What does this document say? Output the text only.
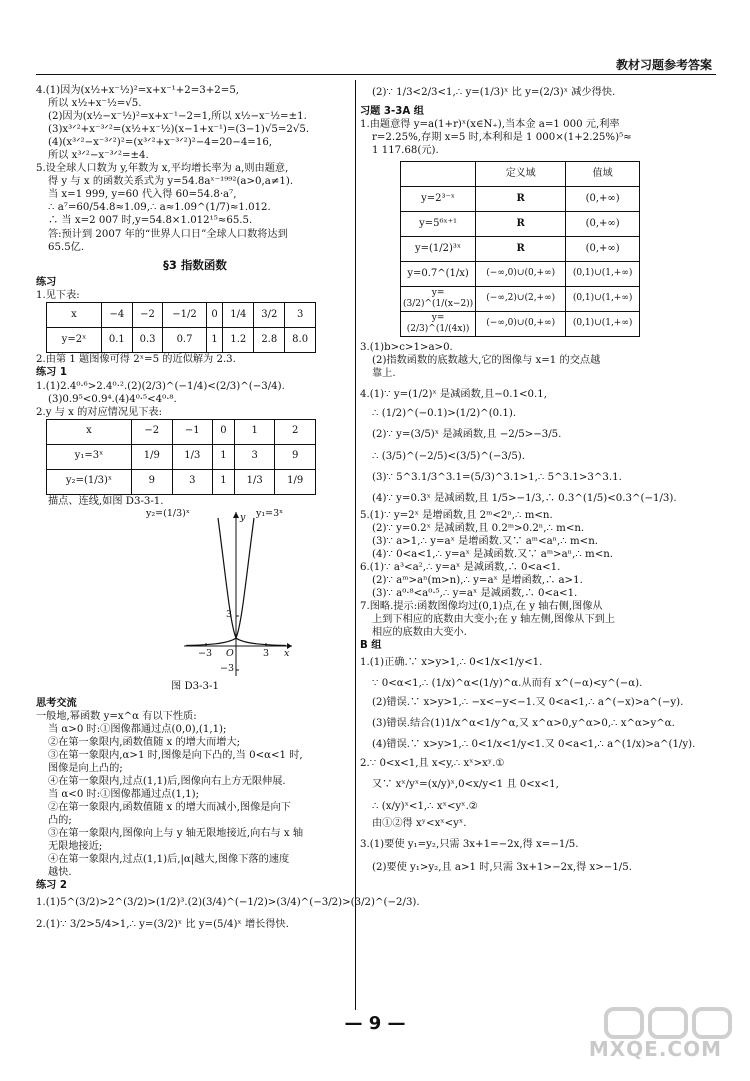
教材习题参考答案
4.(1)因为(x½+x⁻½)²=x+x⁻¹+2=3+2=5,
所以 x½+x⁻½=√5.
(2)因为(x½−x⁻½)²=x+x⁻¹−2=1,所以 x½−x⁻½=±1.
(3)x³ᐟ²+x⁻³ᐟ²=(x½+x⁻½)(x−1+x⁻¹)=(3−1)√5=2√5.
(4)(x³ᐟ²−x⁻³ᐟ²)²=(x³ᐟ²+x⁻³ᐟ²)²−4=20−4=16,
所以 x³ᐟ²−x⁻³ᐟ²=±4.
5.设全球人口数为 y,年数为 x,平均增长率为 a,则由题意,
得 y 与 x 的函数关系式为 y=54.8aˣ⁻¹⁹⁹²(a>0,a≠1).
当 x=1 999, y=60 代入得 60=54.8·a⁷,
∴ a⁷=60/54.8≈1.09,∴ a≈1.09^(1/7)≈1.012.
∴ 当 x=2 007 时,y=54.8×1.012¹⁵≈65.5.
答:预计到 2007 年的“世界人口日”全球人口数将达到
65.5亿.
§3 指数函数
练习
1.见下表:
x	−4	−2	−1/2	0	1/4	3/2	3
y=2ˣ	0.1	0.3	0.7	1	1.2	2.8	8.0
2.由第 1 题图像可得 2ˣ=5 的近似解为 2.3.
练习 1
1.(1)2.4⁰·⁶>2.4⁰·².(2)(2/3)^(−1/4)<(2/3)^(−3/4).
(3)0.9⁵<0.9⁴.(4)4⁰·⁵<4⁰·⁸.
2.y 与 x 的对应情况见下表:
x	−2	−1	0	1	2
y₁=3ˣ	1/9	1/3	1	3	9
y₂=(1/3)ˣ	9	3	1	1/3	1/9
描点、连线,如图 D3-3-1.
y₂=(1/3)ˣ	y₁=3ˣ
y
x
−3 O	3
3
−3
图 D3-3-1
思考交流
一般地,幂函数 y=x^α 有以下性质:
当 α>0 时:①图像都通过点(0,0),(1,1);
②在第一象限内,函数值随 x 的增大而增大;
③在第一象限内,α>1 时,图像是向下凸的,当 0<α<1 时,
图像是向上凸的;
④在第一象限内,过点(1,1)后,图像向右上方无限伸展.
当 α<0 时:①图像都通过点(1,1);
②在第一象限内,函数值随 x 的增大而减小,图像是向下
凸的;
③在第一象限内,图像向上与 y 轴无限地接近,向右与 x 轴
无限地接近;
④在第一象限内,过点(1,1)后,|α|越大,图像下落的速度
越快.
练习 2
1.(1)5^(3/2)>2^(3/2)>(1/2)³.(2)(3/4)^(−1/2)>(3/4)^(−3/2)>(3/2)^(−2/3).
2.(1)∵ 3/2>5/4>1,∴ y=(3/2)ˣ 比 y=(5/4)ˣ 增长得快.
(2)∵ 1/3<2/3<1,∴ y=(1/3)ˣ 比 y=(2/3)ˣ 减少得快.
习题 3-3A 组
1.由题意得 y=a(1+r)ˣ(x∈N₊),当本金 a=1 000 元,利率
r=2.25%,存期 x=5 时,本利和是 1 000×(1+2.25%)⁵≈
1 117.68(元).
	定义域	值域
y=2³⁻ˣ	R	(0,+∞)
y=5⁶ˣ⁺¹	R	(0,+∞)
y=(1/2)³ˣ	R	(0,+∞)
y=0.7^(1/x)	(−∞,0)∪(0,+∞)	(0,1)∪(1,+∞)
y=(3/2)^(1/(x−2))	(−∞,2)∪(2,+∞)	(0,1)∪(1,+∞)
y=(2/3)^(1/(4x))	(−∞,0)∪(0,+∞)	(0,1)∪(1,+∞)
3.(1)b>c>1>a>0.
(2)指数函数的底数越大,它的图像与 x=1 的交点越
靠上.
4.(1)∵ y=(1/2)ˣ 是减函数,且−0.1<0.1,
∴ (1/2)^(−0.1)>(1/2)^(0.1).
(2)∵ y=(3/5)ˣ 是减函数,且 −2/5>−3/5.
∴ (3/5)^(−2/5)<(3/5)^(−3/5).
(3)∵ 5^3.1/3^3.1=(5/3)^3.1>1,∴ 5^3.1>3^3.1.
(4)∵ y=0.3ˣ 是减函数,且 1/5>−1/3,∴ 0.3^(1/5)<0.3^(−1/3).
5.(1)∵ y=2ˣ 是增函数,且 2ᵐ<2ⁿ,∴ m<n.
(2)∵ y=0.2ˣ 是减函数,且 0.2ᵐ>0.2ⁿ,∴ m<n.
(3)∵ a>1,∴ y=aˣ 是增函数.又∵ aᵐ<aⁿ,∴ m<n.
(4)∵ 0<a<1,∴ y=aˣ 是减函数.又∵ aᵐ>aⁿ,∴ m<n.
6.(1)∵ a³<a²,∴ y=aˣ 是减函数,∴ 0<a<1.
(2)∵ aᵐ>aⁿ(m>n),∴ y=aˣ 是增函数,∴ a>1.
(3)∵ a⁰·⁸<a⁰·⁵,∴ y=aˣ 是减函数,∴ 0<a<1.
7.图略.提示:函数图像均过(0,1)点,在 y 轴右侧,图像从
上到下相应的底数由大变小;在 y 轴左侧,图像从下到上
相应的底数由大变小.
B 组
1.(1)正确.∵ x>y>1,∴ 0<1/x<1/y<1.
∵ 0<α<1,∴ (1/x)^α<(1/y)^α.从而有 x^(−α)<y^(−α).
(2)错误.∵ x>y>1,∴ −x<−y<−1.又 0<a<1,∴ a^(−x)>a^(−y).
(3)错误.结合(1)1/x^α<1/y^α,又 x^α>0,y^α>0,∴ x^α>y^α.
(4)错误.∵ x>y>1,∴ 0<1/x<1/y<1.又 0<a<1,∴ a^(1/x)>a^(1/y).
2.∵ 0<x<1,且 x<y,∴ xˣ>xʸ.①
又∵ xˣ/yˣ=(x/y)ˣ,0<x/y<1 且 0<x<1,
∴ (x/y)ˣ<1,∴ xˣ<yˣ.②
由①②得 xʸ<xˣ<yˣ.
3.(1)要使 y₁=y₂,只需 3x+1=−2x,得 x=−1/5.
(2)要使 y₁>y₂,且 a>1 时,只需 3x+1>−2x,得 x>−1/5.
— 9 —
MXQE.COM
